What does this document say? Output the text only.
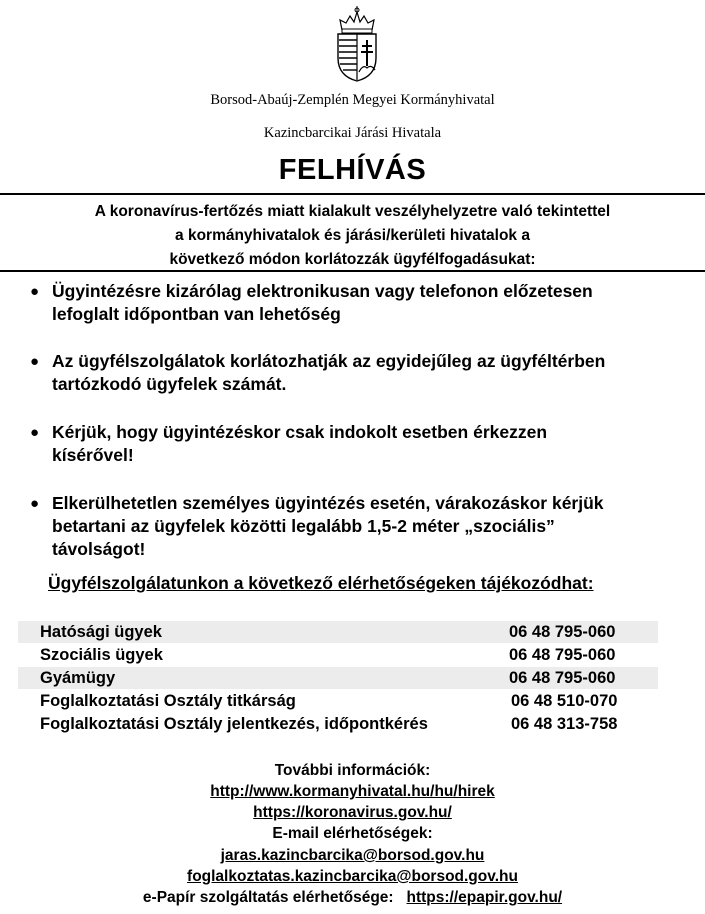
Borsod-Abaúj-Zemplén Megyei Kormányhivatal
Kazincbarcikai Járási Hivatala
FELHÍVÁS
A koronavírus-fertőzés miatt kialakult veszélyhelyzetre való tekintettel
a kormányhivatalok és járási/kerületi hivatalok a
következő módon korlátozzák ügyfélfogadásukat:
● Ügyintézésre kizárólag elektronikusan vagy telefonon előzetesen
lefoglalt időpontban van lehetőség
● Az ügyfélszolgálatok korlátozhatják az egyidejűleg az ügyféltérben
tartózkodó ügyfelek számát.
● Kérjük, hogy ügyintézéskor csak indokolt esetben érkezzen
kísérővel!
● Elkerülhetetlen személyes ügyintézés esetén, várakozáskor kérjük
betartani az ügyfelek közötti legalább 1,5-2 méter „szociális”
távolságot!
Ügyfélszolgálatunkon a következő elérhetőségeken tájékozódhat:
Hatósági ügyek	06 48 795-060
Szociális ügyek	06 48 795-060
Gyámügy	06 48 795-060
Foglalkoztatási Osztály titkárság	06 48 510-070
Foglalkoztatási Osztály jelentkezés, időpontkérés	06 48 313-758
További információk:
http://www.kormanyhivatal.hu/hu/hirek
https://koronavirus.gov.hu/
E-mail elérhetőségek:
jaras.kazincbarcika@borsod.gov.hu
foglalkoztatas.kazincbarcika@borsod.gov.hu
e-Papír szolgáltatás elérhetősége: https://epapir.gov.hu/
